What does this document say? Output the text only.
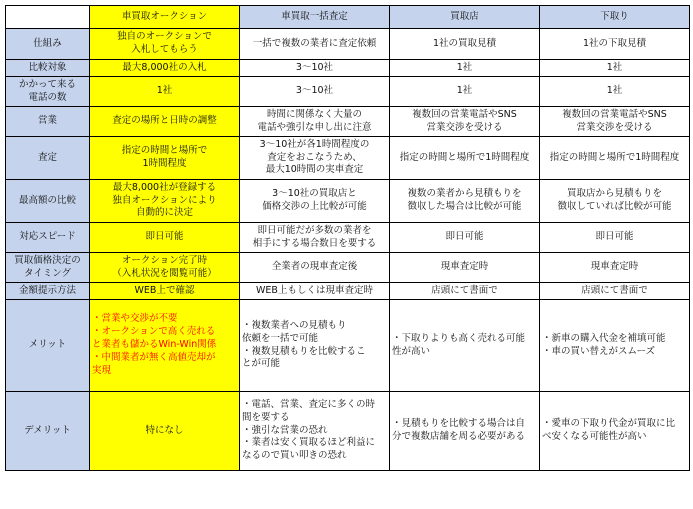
	車買取オークション	車買取一括査定	買取店	下取り

仕組み	独自のオークションで
入札してもらう	一括で複数の業者に査定依頼	1社の買取見積	1社の下取見積

比較対象	最大8,000社の入札	3～10社	1社	1社

かかって来る
電話の数	1社	3～10社	1社	1社

営業	査定の場所と日時の調整	時間に関係なく大量の
電話や強引な申し出に注意	複数回の営業電話やSNS
営業交渉を受ける	複数回の営業電話やSNS
営業交渉を受ける

査定	指定の時間と場所で
1時間程度	3～10社が各1時間程度の
査定をおこなうため、
最大10時間の実車査定	指定の時間と場所で1時間程度	指定の時間と場所で1時間程度

最高額の比較	最大8,000社が登録する
独自オークションにより
自動的に決定	3～10社の買取店と
価格交渉の上比較が可能	複数の業者から見積もりを
徴収した場合は比較が可能	買取店から見積もりを
徴収していれば比較が可能

対応スピード	即日可能	即日可能だが多数の業者を
相手にする場合数日を要する	即日可能	即日可能

買取価格決定の
タイミング	オークション完了時
（入札状況を閲覧可能）	全業者の現車査定後	現車査定時	現車査定時

金額提示方法	WEB上で確認	WEB上もしくは現車査定時	店頭にて書面で	店頭にて書面で

メリット	・営業や交渉が不要
・オークションで高く売れる
と業者も儲かるWin-Win関係
・中間業者が無く高値売却が
実現	・複数業者への見積もり
依頼を一括で可能
・複数見積もりを比較するこ
とが可能	・下取りよりも高く売れる可能
性が高い	・新車の購入代金を補填可能
・車の買い替えがスムーズ

デメリット	特になし	・電話、営業、査定に多くの時
間を要する
・強引な営業の恐れ
・業者は安く買取るほど利益に
なるので買い叩きの恐れ	・見積もりを比較する場合は自
分で複数店舗を周る必要がある	・愛車の下取り代金が買取に比
べ安くなる可能性が高い
